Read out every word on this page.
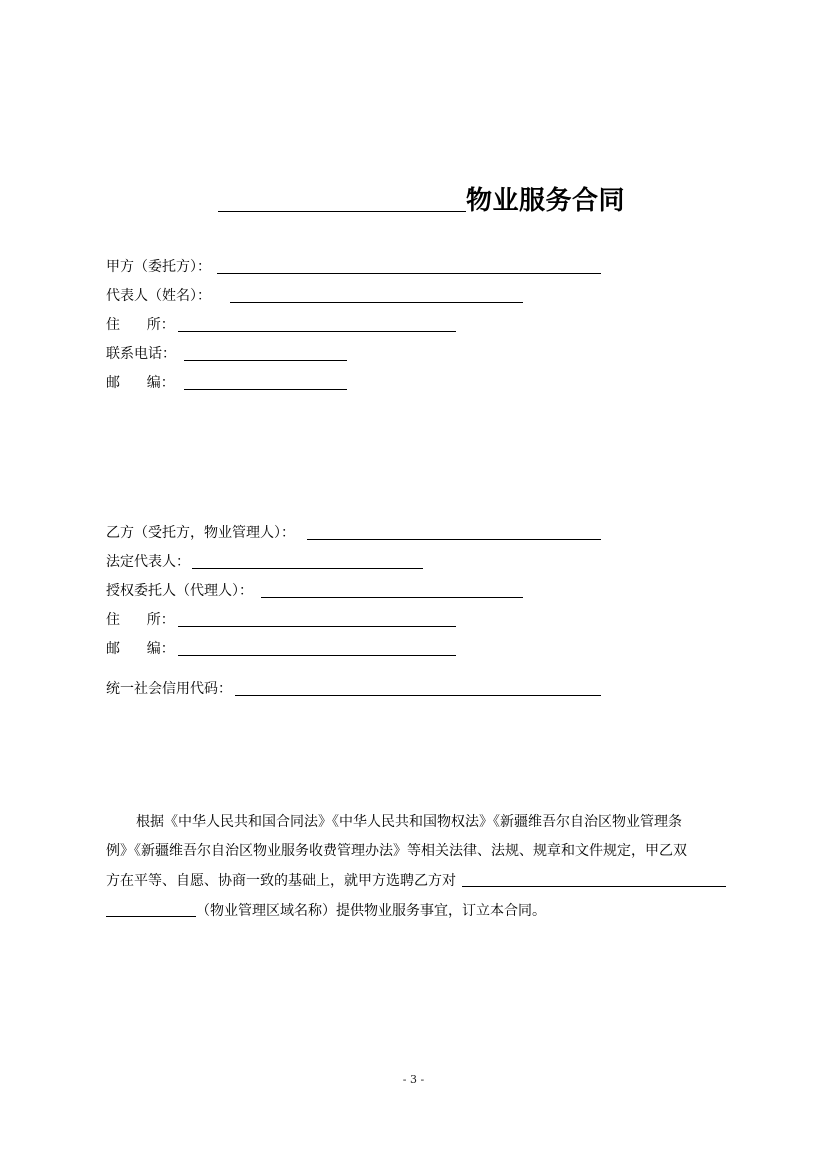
物业服务合同
甲方（委托方）：
代表人（姓名）：
住      所：
联系电话：
邮      编：
乙方（受托方，物业管理人）：
法定代表人：
授权委托人（代理人）：
住      所：
邮      编：
统一社会信用代码：
根据《中华人民共和国合同法》《中华人民共和国物权法》《新疆维吾尔自治区物业管理条
例》《新疆维吾尔自治区物业服务收费管理办法》等相关法律、法规、规章和文件规定，甲乙双
方在平等、自愿、协商一致的基础上，就甲方选聘乙方对
（物业管理区域名称）提供物业服务事宜，订立本合同。
- 3 -
